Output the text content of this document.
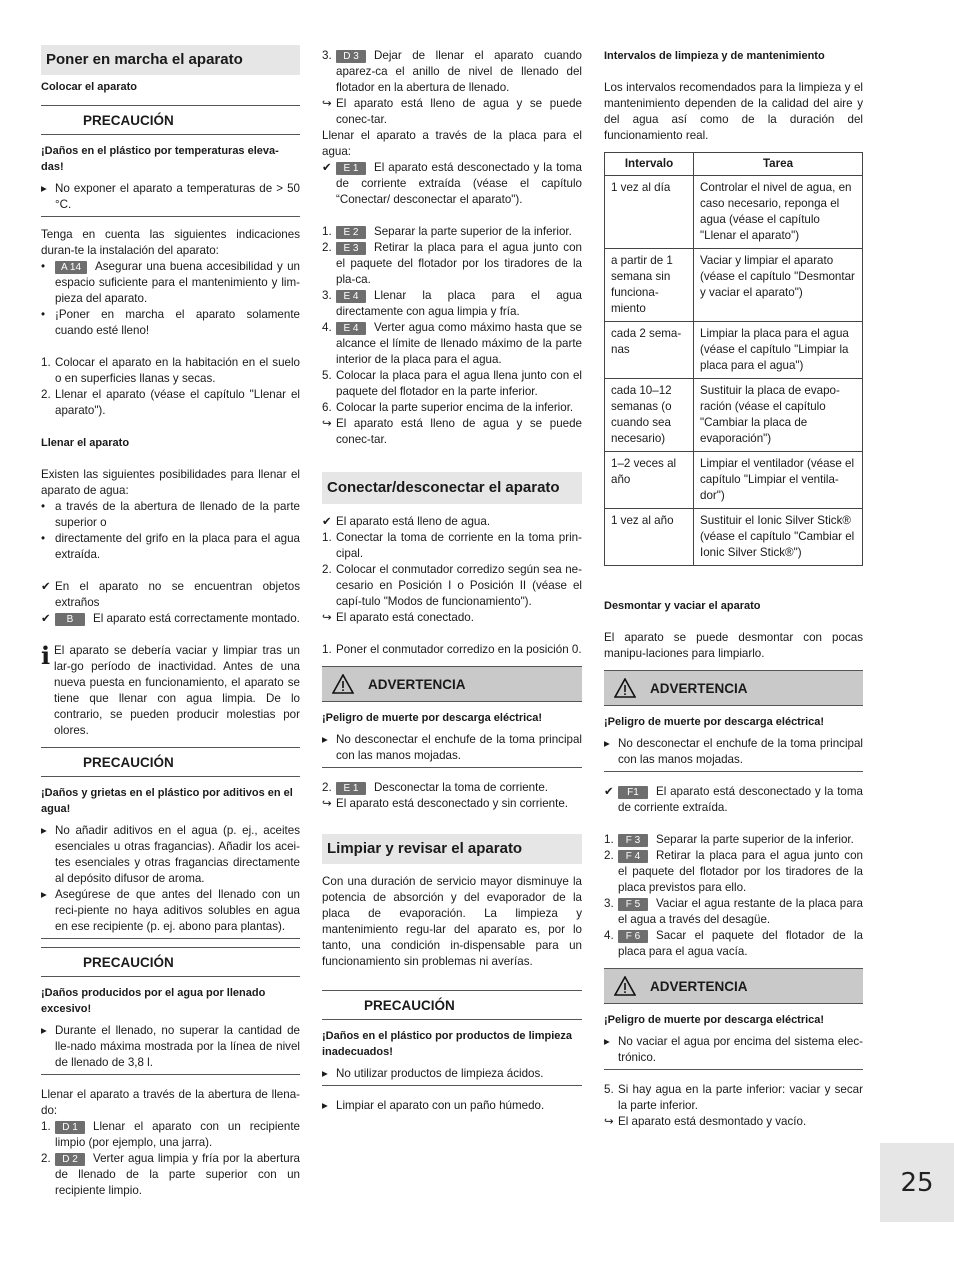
Poner en marcha el aparato
Colocar el aparato
PRECAUCIÓN
¡Daños en el plástico por temperaturas eleva-das!
▸ No exponer el aparato a temperaturas de > 50 °C.
Tenga en cuenta las siguientes indicaciones duran-te la instalación del aparato:
•	A 14 Asegurar una buena accesibilidad y un espacio suficiente para el mantenimiento y lim-pieza del aparato.
• ¡Poner en marcha el aparato solamente cuando esté lleno!
1. Colocar el aparato en la habitación en el suelo o en superficies llanas y secas.
2. Llenar el aparato (véase el capítulo "Llenar el aparato").
Llenar el aparato
Existen las siguientes posibilidades para llenar el aparato de agua:
• a través de la abertura de llenado de la parte superior o
• directamente del grifo en la placa para el agua extraída.
✔ En el aparato no se encuentran objetos extraños
✔	B El aparato está correctamente montado.
i El aparato se debería vaciar y limpiar tras un lar-go período de inactividad. Antes de una nueva puesta en funcionamiento, el aparato se tiene que llenar con agua limpia. De lo contrario, se pueden producir molestias por olores.
PRECAUCIÓN
¡Daños y grietas en el plástico por aditivos en el agua!
▸ No añadir aditivos en el agua (p. ej., aceites esenciales u otras fragancias). Añadir los acei-tes esenciales y otras fragancias directamente al depósito difusor de aroma.
▸ Asegúrese de que antes del llenado con un reci-piente no haya aditivos solubles en agua en ese recipiente (p. ej. abono para plantas).
PRECAUCIÓN
¡Daños producidos por el agua por llenado excesivo!
▸ Durante el llenado, no superar la cantidad de lle-nado máxima mostrada por la línea de nivel de llenado de 3,8 l.
Llenar el aparato a través de la abertura de llena-do:
1.	D 1 Llenar el aparato con un recipiente limpio (por ejemplo, una jarra).
2.	D 2 Verter agua limpia y fría por la abertura de llenado de la parte superior con un recipiente limpio.
3.	D 3 Dejar de llenar el aparato cuando aparez-ca el anillo de nivel de llenado del flotador en la abertura de llenado.
↪ El aparato está lleno de agua y se puede conec-tar.
Llenar el aparato a través de la placa para el agua:
✔	E 1 El aparato está desconectado y la toma de corriente extraída (véase el capítulo “Conectar/ desconectar el aparato").
1.	E 2 Separar la parte superior de la inferior.
2.	E 3 Retirar la placa para el agua junto con el paquete del flotador por los tiradores de la pla-ca.
3.	E 4 Llenar la placa para el agua directamente con agua limpia y fría.
4.	E 4 Verter agua como máximo hasta que se alcance el límite de llenado máximo de la parte interior de la placa para el agua.
5. Colocar la placa para el agua llena junto con el paquete del flotador en la parte inferior.
6. Colocar la parte superior encima de la inferior.
↪ El aparato está lleno de agua y se puede conec-tar.
Conectar/desconectar el aparato
✔ El aparato está lleno de agua.
1. Conectar la toma de corriente en la toma prin-cipal.
2. Colocar el conmutador corredizo según sea ne-cesario en Posición I o Posición II (véase el capí-tulo "Modos de funcionamiento").
↪ El aparato está conectado.
1. Poner el conmutador corredizo en la posición 0.
ADVERTENCIA
¡Peligro de muerte por descarga eléctrica!
▸ No desconectar el enchufe de la toma principal con las manos mojadas.
2.	E 1 Desconectar la toma de corriente.
↪ El aparato está desconectado y sin corriente.
Limpiar y revisar el aparato
Con una duración de servicio mayor disminuye la potencia de absorción y del evaporador de la placa de evaporación. La limpieza y mantenimiento regu-lar del aparato es, por lo tanto, una condición in-dispensable para un funcionamiento sin problemas ni averías.
PRECAUCIÓN
¡Daños en el plástico por productos de limpieza inadecuados!
▸ No utilizar productos de limpieza ácidos.
▸ Limpiar el aparato con un paño húmedo.
Intervalos de limpieza y de mantenimiento
Los intervalos recomendados para la limpieza y el mantenimiento dependen de la calidad del aire y del agua así como de la duración del funcionamiento real.
Intervalo	Tarea
1 vez al día	Controlar el nivel de agua, en caso necesario, reponga el agua (véase el capítulo "Llenar el aparato")
a partir de 1 semana sin funciona-miento	Vaciar y limpiar el aparato (véase el capítulo "Desmontar y vaciar el aparato")
cada 2 sema-nas	Limpiar la placa para el agua (véase el capítulo "Limpiar la placa para el agua")
cada 10–12 semanas (o cuando sea necesario)	Sustituir la placa de evapo-ración (véase el capítulo "Cambiar la placa de evaporación")
1–2 veces al año	Limpiar el ventilador (véase el capítulo "Limpiar el ventila-dor")
1 vez al año	Sustituir el Ionic Silver Stick® (véase el capítulo "Cambiar el Ionic Silver Stick®")
Desmontar y vaciar el aparato
El aparato se puede desmontar con pocas manipu-laciones para limpiarlo.
ADVERTENCIA
¡Peligro de muerte por descarga eléctrica!
▸ No desconectar el enchufe de la toma principal con las manos mojadas.
✔	F1 El aparato está desconectado y la toma de corriente extraída.
1.	F 3 Separar la parte superior de la inferior.
2.	F 4 Retirar la placa para el agua junto con el paquete del flotador por los tiradores de la placa previstos para ello.
3.	F 5 Vaciar el agua restante de la placa para el agua a través del desagüe.
4.	F 6 Sacar el paquete del flotador de la placa para el agua vacía.
ADVERTENCIA
¡Peligro de muerte por descarga eléctrica!
▸ No vaciar el agua por encima del sistema elec-trónico.
5. Si hay agua en la parte inferior: vaciar y secar la parte inferior.
↪ El aparato está desmontado y vacío.
25
